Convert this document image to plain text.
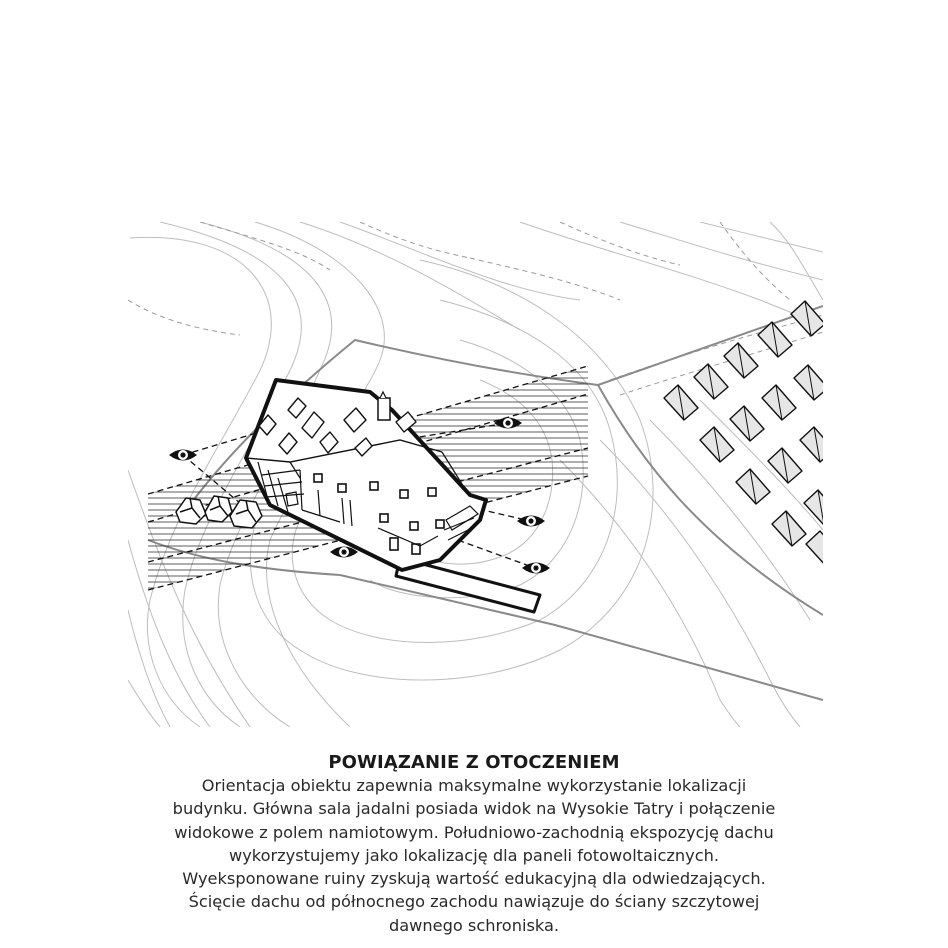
POWIĄZANIE Z OTOCZENIEM

Orientacja obiektu zapewnia maksymalne wykorzystanie lokalizacji

budynku. Główna sala jadalni posiada widok na Wysokie Tatry i połączenie

widokowe z polem namiotowym. Południowo-zachodnią ekspozycję dachu

wykorzystujemy jako lokalizację dla paneli fotowoltaicznych.

Wyeksponowane ruiny zyskują wartość edukacyjną dla odwiedzających.

Ścięcie dachu od północnego zachodu nawiązuje do ściany szczytowej

dawnego schroniska.
